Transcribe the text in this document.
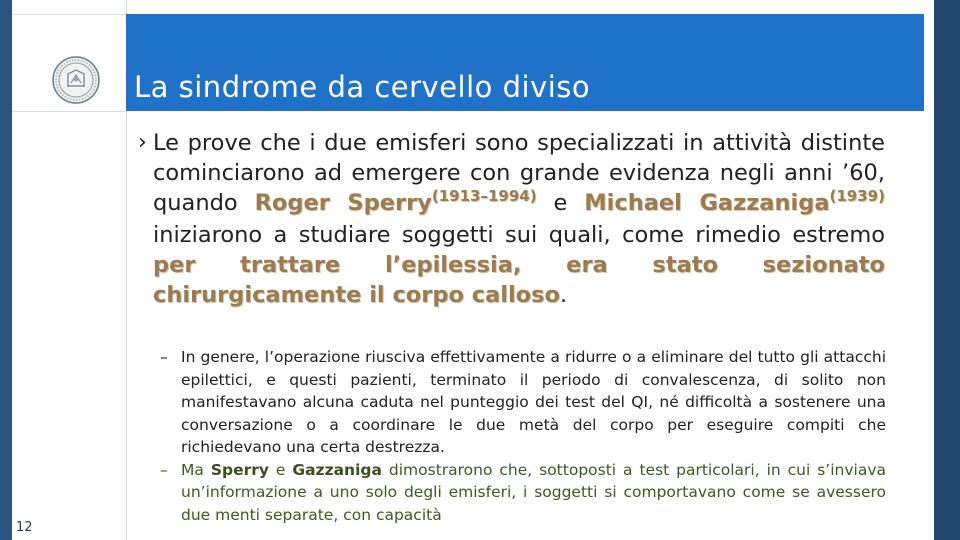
La sindrome da cervello diviso
› Le prove che i due emisferi sono specializzati in attività distinte cominciarono ad emergere con grande evidenza negli anni ’60, quando Roger Sperry$^{(1913-1994)}$ e Michael Gazzaniga$^{(1939)}$ iniziarono a studiare soggetti sui quali, come rimedio estremo per trattare l’epilessia, era stato sezionato chirurgicamente il corpo calloso.
– In genere, l’operazione riusciva effettivamente a ridurre o a eliminare del tutto gli attacchi epilettici, e questi pazienti, terminato il periodo di convalescenza, di solito non manifestavano alcuna caduta nel punteggio dei test del QI, né difficoltà a sostenere una conversazione o a coordinare le due metà del corpo per eseguire compiti che richiedevano una certa destrezza.
– Ma Sperry e Gazzaniga dimostrarono che, sottoposti a test particolari, in cui s’inviava un’informazione a uno solo degli emisferi, i soggetti si comportavano come se avessero due menti separate, con capacità
12
